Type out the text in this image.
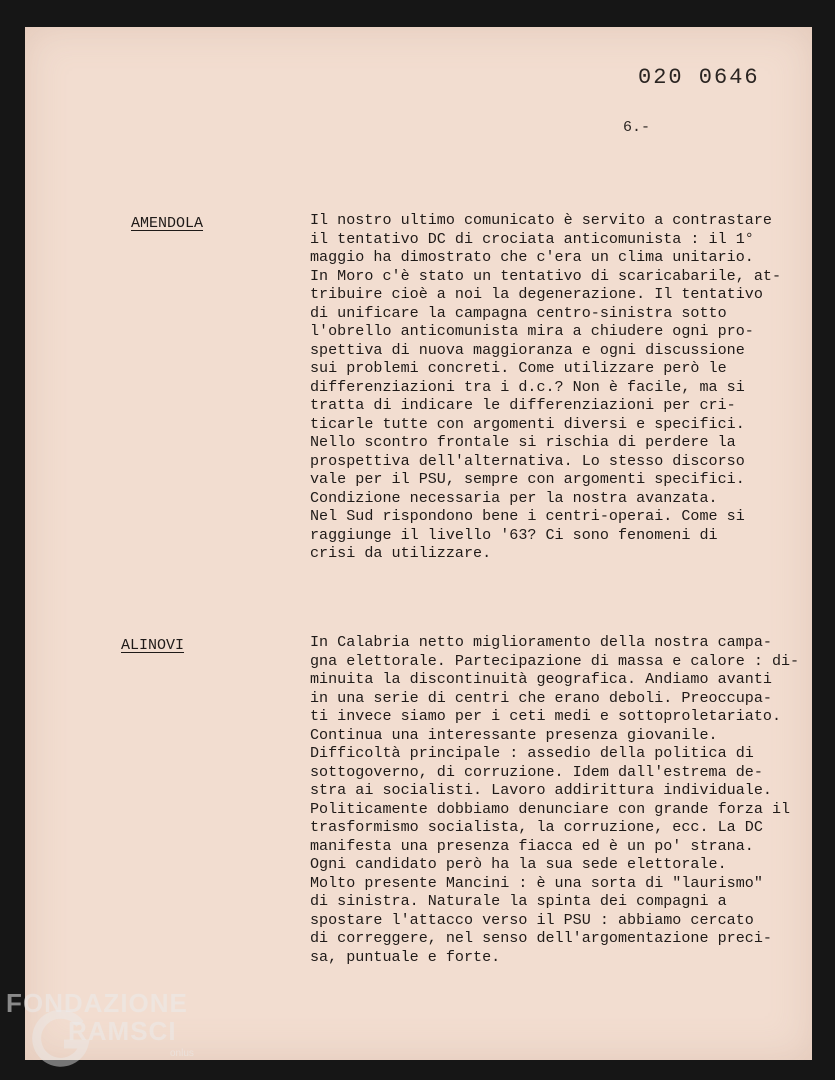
020 0646
6.-
AMENDOLA	Il nostro ultimo comunicato è servito a contrastare
il tentativo DC di crociata anticomunista : il 1°
maggio ha dimostrato che c'era un clima unitario.
In Moro c'è stato un tentativo di scaricabarile, at-
tribuire cioè a noi la degenerazione. Il tentativo
di unificare la campagna centro-sinistra sotto
l'obrello anticomunista mira a chiudere ogni pro-
spettiva di nuova maggioranza e ogni discussione
sui problemi concreti. Come utilizzare però le
differenziazioni tra i d.c.? Non è facile, ma si
tratta di indicare le differenziazioni per cri-
ticarle tutte con argomenti diversi e specifici.
Nello scontro frontale si rischia di perdere la
prospettiva dell'alternativa. Lo stesso discorso
vale per il PSU, sempre con argomenti specifici.
Condizione necessaria per la nostra avanzata.
Nel Sud rispondono bene i centri-operai. Come si
raggiunge il livello '63? Ci sono fenomeni di
crisi da utilizzare.
ALINOVI	In Calabria netto miglioramento della nostra campa-
gna elettorale. Partecipazione di massa e calore : di-
minuita la discontinuità geografica. Andiamo avanti
in una serie di centri che erano deboli. Preoccupa-
ti invece siamo per i ceti medi e sottoproletariato.
Continua una interessante presenza giovanile.
Difficoltà principale : assedio della politica di
sottogoverno, di corruzione. Idem dall'estrema de-
stra ai socialisti. Lavoro addirittura individuale.
Politicamente dobbiamo denunciare con grande forza il
trasformismo socialista, la corruzione, ecc. La DC
manifesta una presenza fiacca ed è un po' strana.
Ogni candidato però ha la sua sede elettorale.
Molto presente Mancini : è una sorta di "laurismo"
di sinistra. Naturale la spinta dei compagni a
spostare l'attacco verso il PSU : abbiamo cercato
di correggere, nel senso dell'argomentazione preci-
sa, puntuale e forte.
FONDAZIONE
RAMSCI
onlus
